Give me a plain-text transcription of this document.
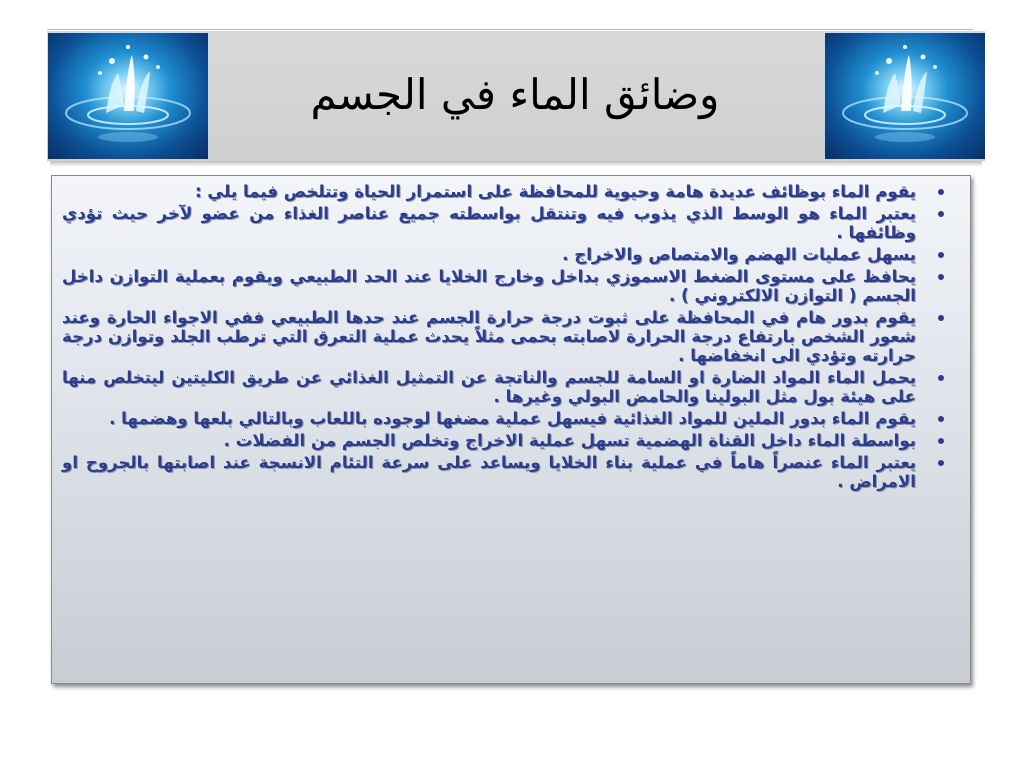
وضائق الماء في الجسم
يقوم الماء بوظائف عديدة هامة وحيوية للمحافظة على استمرار الحياة وتتلخص فيما يلي :
يعتبر الماء هو الوسط الذي يذوب فيه وتنتقل بواسطته جميع عناصر الغذاء من عضو لآخر حيث تؤدي وظائفها .
يسهل عمليات الهضم والامتصاص والاخراج .
يحافظ على مستوى الضغط الاسموزي بداخل وخارج الخلايا عند الحد الطبيعي ويقوم بعملية التوازن داخل الجسم ( التوازن الالكتروني ) .
يقوم بدور هام في المحافظة على ثبوت درجة حرارة الجسم عند حدها الطبيعي ففي الاجواء الحارة وعند شعور الشخص بارتفاع درجة الحرارة لاصابته بحمى مثلاً يحدث عملية التعرق التي ترطب الجلد وتوازن درجة حرارته وتؤدي الى انخفاضها .
يحمل الماء المواد الضارة او السامة للجسم والناتجة عن التمثيل الغذائي عن طريق الكليتين ليتخلص منها على هيئة بول مثل البولينا والحامض البولي وغيرها .
يقوم الماء بدور الملين للمواد الغذائية فيسهل عملية مضغها لوجوده باللعاب وبالتالي بلعها وهضمها .
بواسطة الماء داخل القناة الهضمية تسهل عملية الاخراج وتخلص الجسم من الفضلات .
يعتبر الماء عنصراً هاماً في عملية بناء الخلايا ويساعد على سرعة التئام الانسجة عند اصابتها بالجروح او الامراض .
